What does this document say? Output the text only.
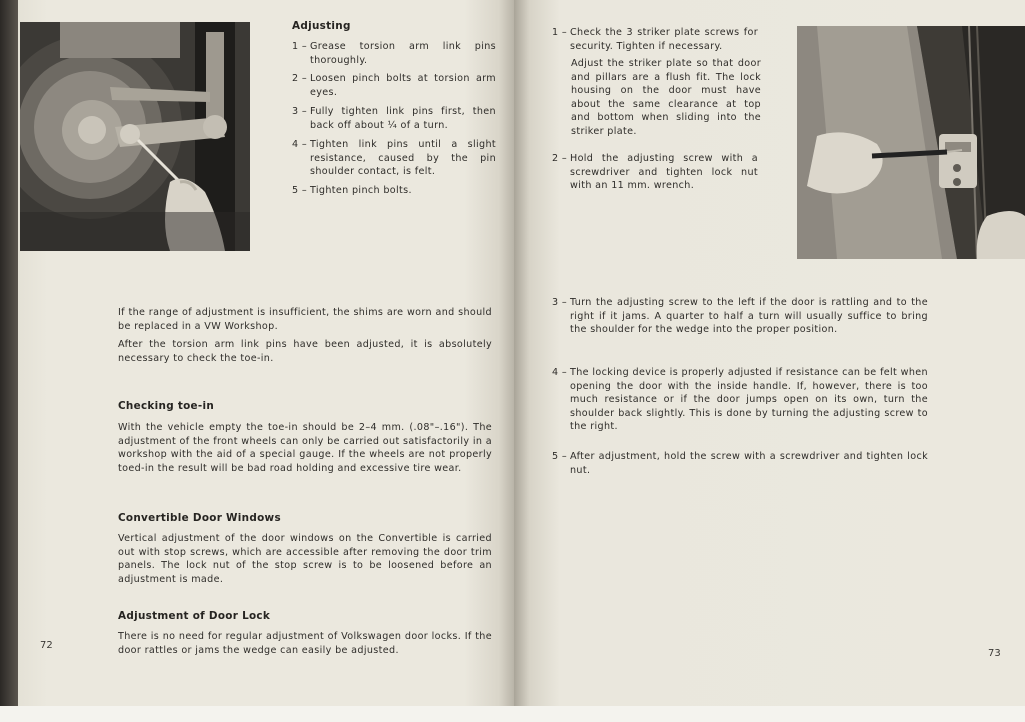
Adjusting
1 – Grease torsion arm link pins thoroughly.
2 – Loosen pinch bolts at torsion arm eyes.
3 – Fully tighten link pins first, then back off about ¼ of a turn.
4 – Tighten link pins until a slight resistance, caused by the pin shoulder contact, is felt.
5 – Tighten pinch bolts.
If the range of adjustment is insufficient, the shims are worn and should be replaced in a VW Workshop.
After the torsion arm link pins have been adjusted, it is absolutely necessary to check the toe-in.
Checking toe-in
With the vehicle empty the toe-in should be 2–4 mm. (.08"–.16"). The adjustment of the front wheels can only be carried out satisfactorily in a workshop with the aid of a special gauge. If the wheels are not properly toed-in the result will be bad road holding and excessive tire wear.
Convertible Door Windows
Vertical adjustment of the door windows on the Convertible is carried out with stop screws, which are accessible after removing the door trim panels. The lock nut of the stop screw is to be loosened before an adjustment is made.
Adjustment of Door Lock
There is no need for regular adjustment of Volkswagen door locks. If the door rattles or jams the wedge can easily be adjusted.
72
1 – Check the 3 striker plate screws for security. Tighten if necessary.
Adjust the striker plate so that door and pillars are a flush fit. The lock housing on the door must have about the same clearance at top and bottom when sliding into the striker plate.
2 – Hold the adjusting screw with a screwdriver and tighten lock nut with an 11 mm. wrench.
3 – Turn the adjusting screw to the left if the door is rattling and to the right if it jams. A quarter to half a turn will usually suffice to bring the shoulder for the wedge into the proper position.
4 – The locking device is properly adjusted if resistance can be felt when opening the door with the inside handle. If, however, there is too much resistance or if the door jumps open on its own, turn the shoulder back slightly. This is done by turning the adjusting screw to the right.
5 – After adjustment, hold the screw with a screwdriver and tighten lock nut.
73
